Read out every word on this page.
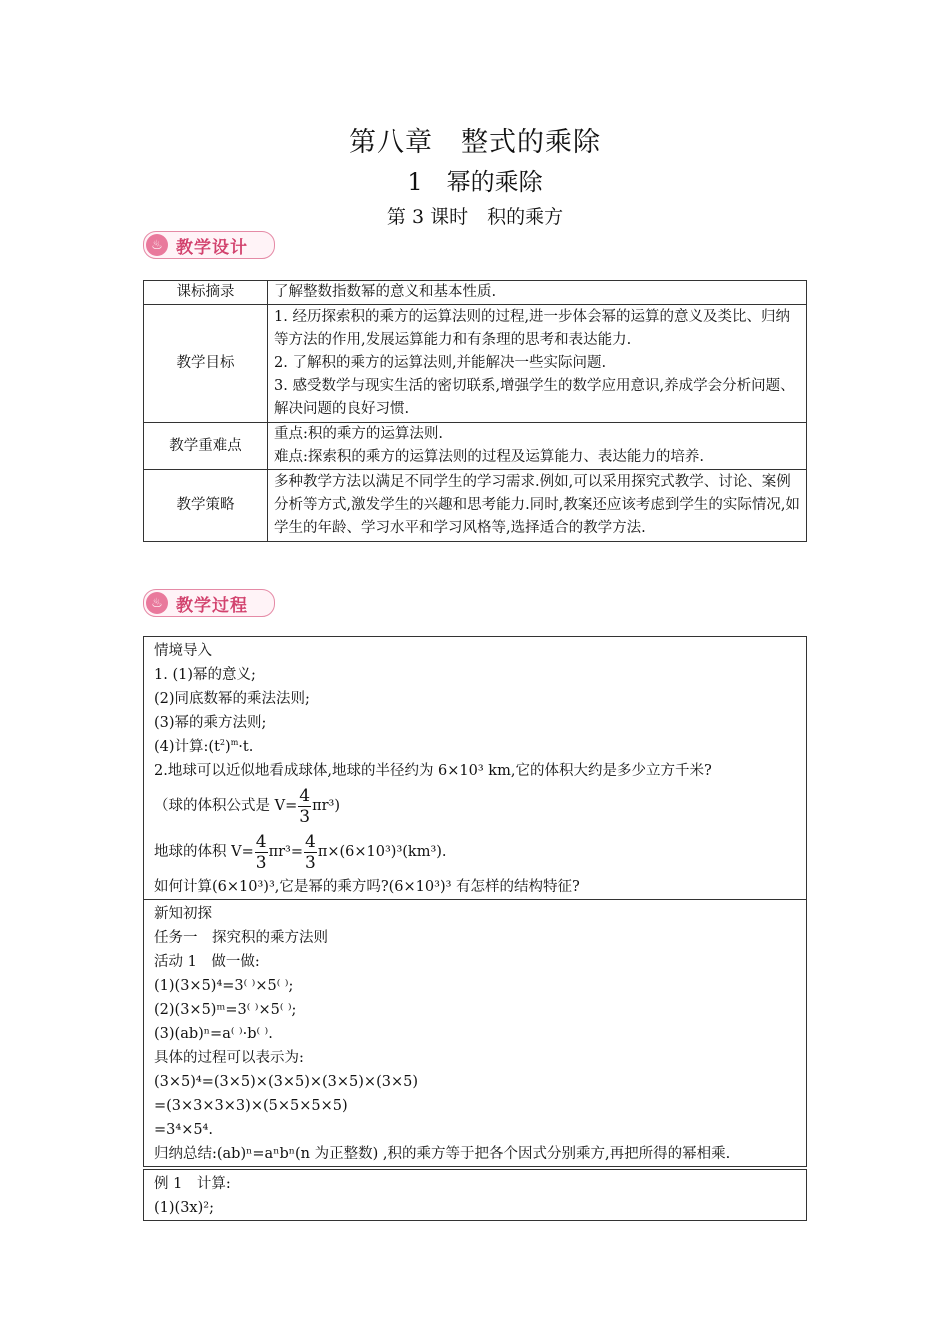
第八章　整式的乘除
1　幂的乘除
第 3 课时　积的乘方
♨ 教学设计
课标摘录	了解整数指数幂的意义和基本性质.

教学目标	1. 经历探索积的乘方的运算法则的过程,进一步体会幂的运算的意义及类比、归纳等方法的作用,发展运算能力和有条理的思考和表达能力.
2. 了解积的乘方的运算法则,并能解决一些实际问题.
3. 感受数学与现实生活的密切联系,增强学生的数学应用意识,养成学会分析问题、解决问题的良好习惯.

教学重难点	重点:积的乘方的运算法则.
难点:探索积的乘方的运算法则的过程及运算能力、表达能力的培养.

教学策略	多种教学方法以满足不同学生的学习需求.例如,可以采用探究式教学、讨论、案例分析等方式,激发学生的兴趣和思考能力.同时,教案还应该考虑到学生的实际情况,如学生的年龄、学习水平和学习风格等,选择适合的教学方法.
♨ 教学过程
情境导入
1. (1)幂的意义;
(2)同底数幂的乘法法则;
(3)幂的乘方法则;
(4)计算$:(t^2)^m\cdot t$.
2.地球可以近似地看成球体,地球的半径约为 6×10³ km,它的体积大约是多少立方千米?
（球的体积公式是 $V= \frac{4}{3} \pi r^3$)
地球的体积 $V= \frac{4}{3} \pi r^3= \frac{4}{3} \pi\times(6\times 10^3)^3(km^3)$.
如何计算(6×10³)³,它是幂的乘方吗?(6×10³)³ 有怎样的结构特征?
新知初探
任务一　探究积的乘方法则
活动 1　做一做:
(1)(3×5)⁴=3⁽ ⁾×5⁽ ⁾;
(2)(3×5)ᵐ=3⁽ ⁾×5⁽ ⁾;
(3)(ab)ⁿ=a⁽ ⁾·b⁽ ⁾.
具体的过程可以表示为:
(3×5)⁴=(3×5)×(3×5)×(3×5)×(3×5)
=(3×3×3×3)×(5×5×5×5)
=3⁴×5⁴.
归纳总结:(ab)ⁿ=aⁿbⁿ(n 为正整数) ,积的乘方等于把各个因式分别乘方,再把所得的幂相乘.
例 1　计算:
(1)(3x)²;
